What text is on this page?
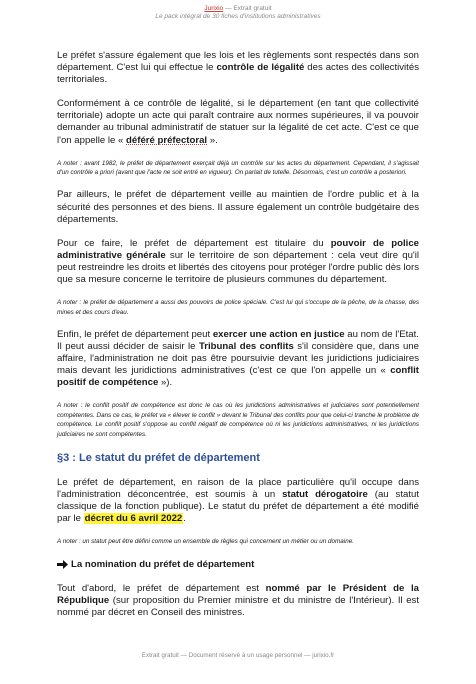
Jurixio — Extrait gratuit
Le pack intégral de 30 fiches d'institutions administratives

Le préfet s'assure également que les lois et les règlements sont respectés dans son département. C'est lui qui effectue le contrôle de légalité des actes des collectivités territoriales.

Conformément à ce contrôle de légalité, si le département (en tant que collectivité territoriale) adopte un acte qui paraît contraire aux normes supérieures, il va pouvoir demander au tribunal administratif de statuer sur la légalité de cet acte. C'est ce que l'on appelle le « déféré préfectoral ».

A noter : avant 1982, le préfet de département exerçait déjà un contrôle sur les actes du département. Cependant, il s'agissait d'un contrôle a priori (avant que l'acte ne soit entré en vigueur). On parlait de tutelle. Désormais, c'est un contrôle a posteriori.

Par ailleurs, le préfet de département veille au maintien de l'ordre public et à la sécurité des personnes et des biens. Il assure également un contrôle budgétaire des départements.

Pour ce faire, le préfet de département est titulaire du pouvoir de police administrative générale sur le territoire de son département : cela veut dire qu'il peut restreindre les droits et libertés des citoyens pour protéger l'ordre public dès lors que sa mesure concerne le territoire de plusieurs communes du département.

A noter : le préfet de département a aussi des pouvoirs de police spéciale. C'est lui qui s'occupe de la pêche, de la chasse, des mines et des cours d'eau.

Enfin, le préfet de département peut exercer une action en justice au nom de l'Etat. Il peut aussi décider de saisir le Tribunal des conflits s'il considère que, dans une affaire, l'administration ne doit pas être poursuivie devant les juridictions judiciaires mais devant les juridictions administratives (c'est ce que l'on appelle un « conflit positif de compétence »).

A noter : le conflit positif de compétence est donc le cas où les juridictions administratives et judiciaires sont potentiellement compétentes. Dans ce cas, le préfet va « élever le conflit » devant le Tribunal des conflits pour que celui-ci tranche le problème de compétence. Le conflit positif s'oppose au conflit négatif de compétence où ni les juridictions administratives, ni les juridictions judiciaires ne sont compétentes.

§3 : Le statut du préfet de département

Le préfet de département, en raison de la place particulière qu'il occupe dans l'administration déconcentrée, est soumis à un statut dérogatoire (au statut classique de la fonction publique). Le statut du préfet de département a été modifié par le décret du 6 avril 2022.

A noter : un statut peut être défini comme un ensemble de règles qui concernent un métier ou un domaine.

La nomination du préfet de département

Tout d'abord, le préfet de département est nommé par le Président de la République (sur proposition du Premier ministre et du ministre de l'Intérieur). Il est nommé par décret en Conseil des ministres.

Extrait gratuit — Document réservé à un usage personnel — jurixio.fr
